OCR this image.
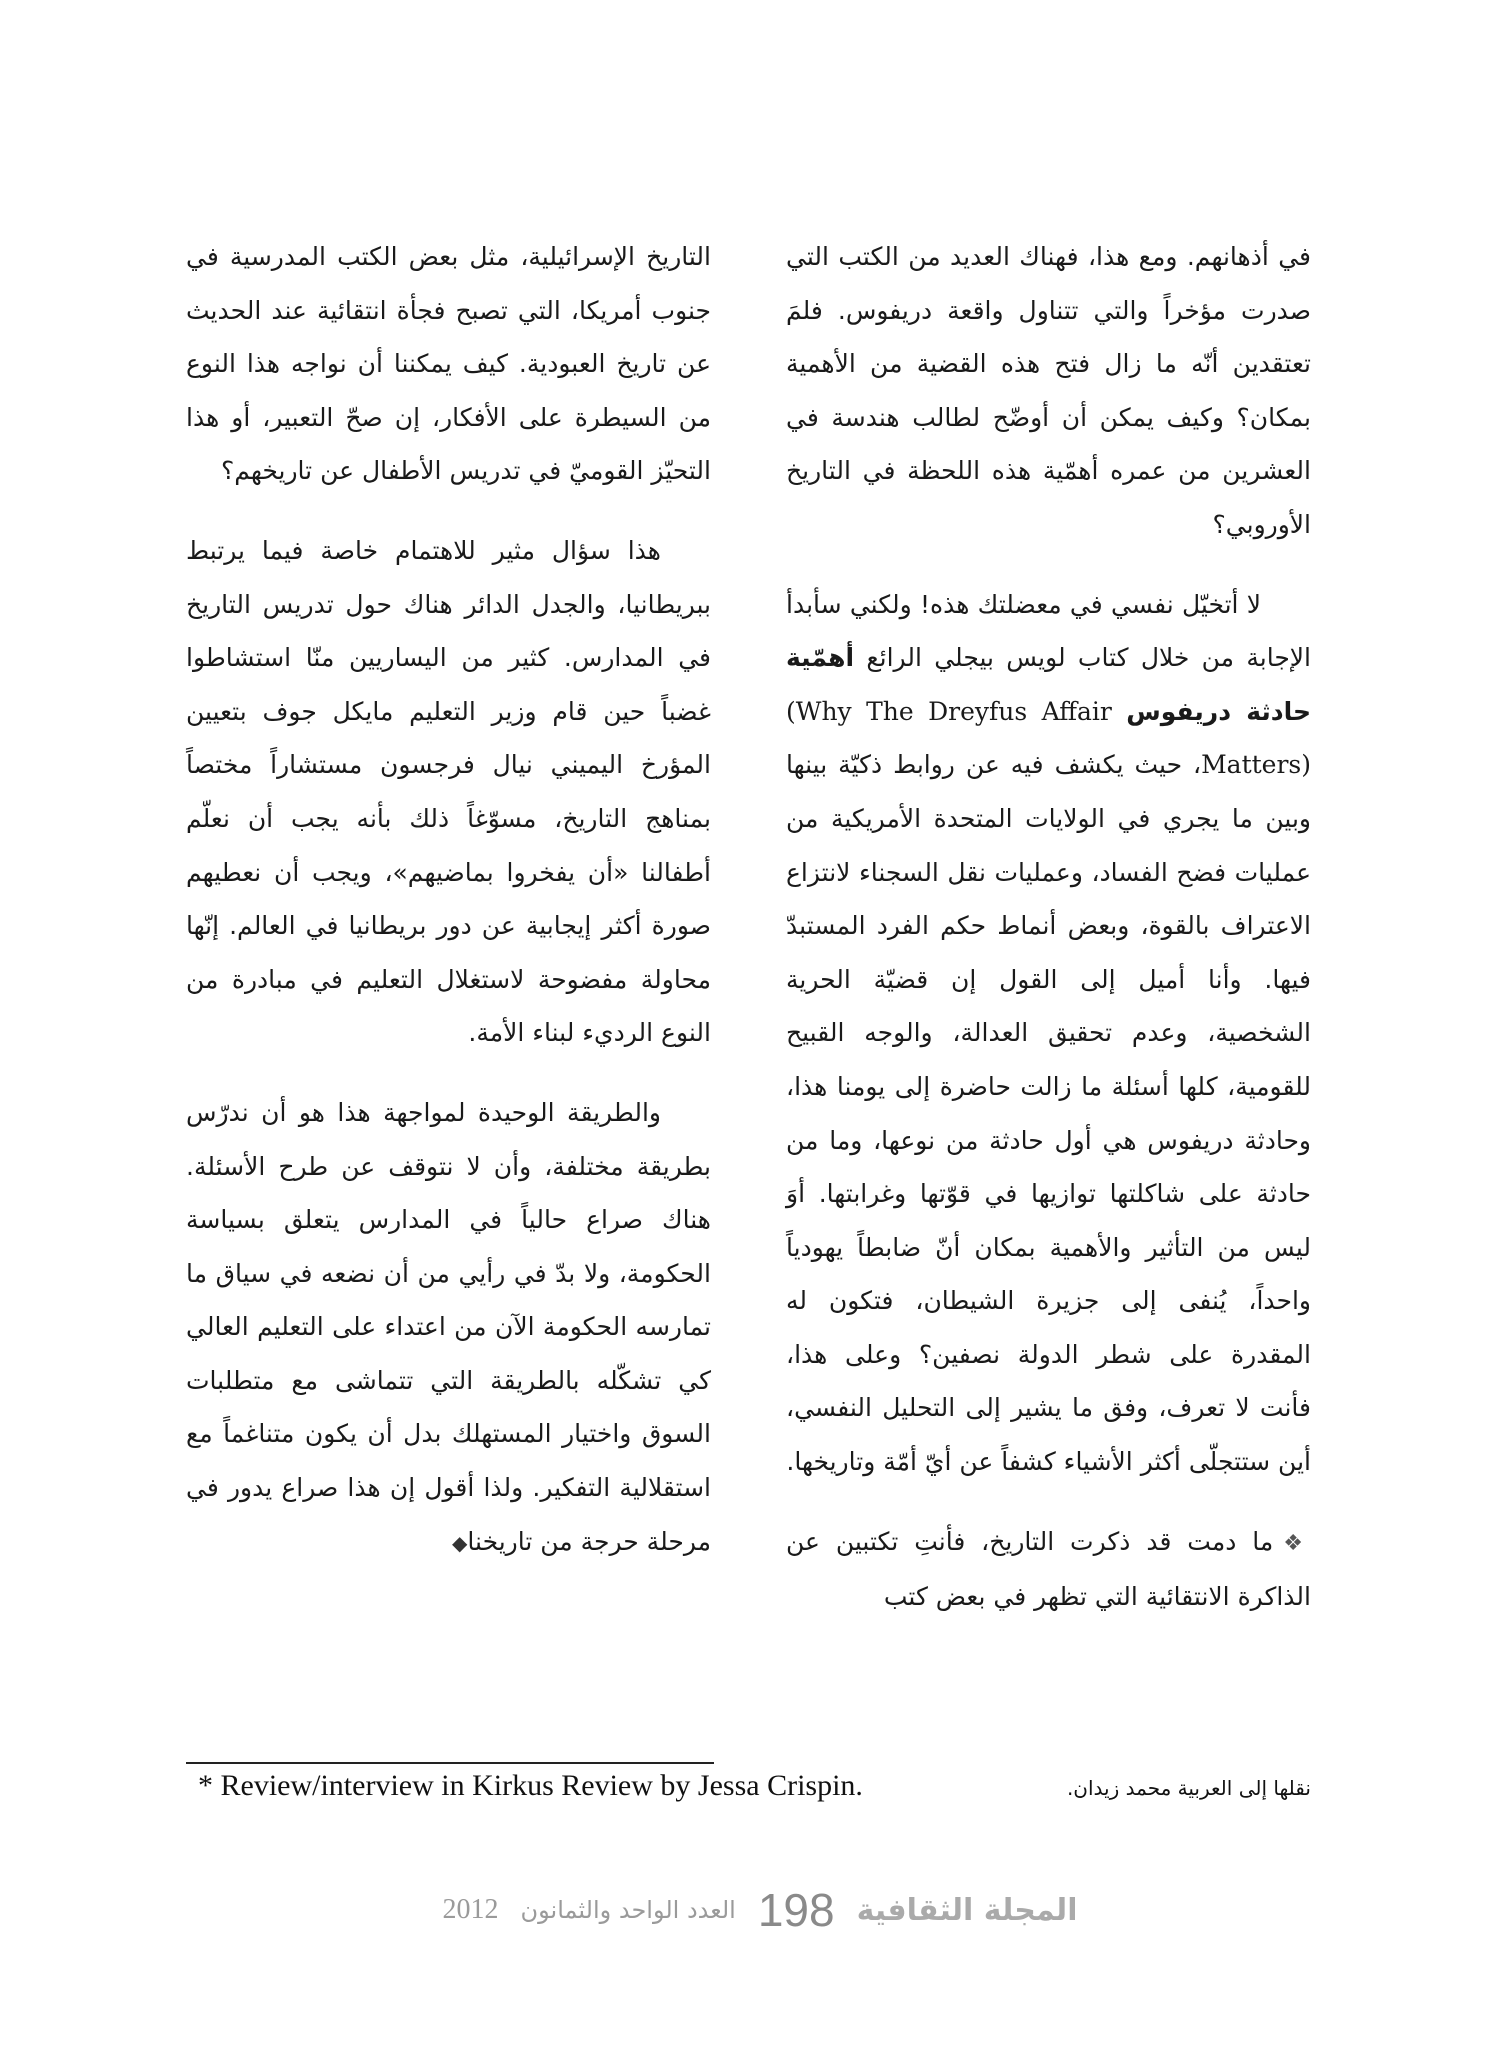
في أذهانهم. ومع هذا، فهناك العديد من الكتب التي صدرت مؤخراً والتي تتناول واقعة دريفوس. فلمَ تعتقدين أنّه ما زال فتح هذه القضية من الأهمية بمكان؟ وكيف يمكن أن أوضّح لطالب هندسة في العشرين من عمره أهمّية هذه اللحظة في التاريخ الأوروبي؟

لا أتخيّل نفسي في معضلتك هذه! ولكني سأبدأ الإجابة من خلال كتاب لويس بيجلي الرائع أهمّية حادثة دريفوس (Why The Dreyfus Affair Matters)، حيث يكشف فيه عن روابط ذكيّة بينها وبين ما يجري في الولايات المتحدة الأمريكية من عمليات فضح الفساد، وعمليات نقل السجناء لانتزاع الاعتراف بالقوة، وبعض أنماط حكم الفرد المستبدّ فيها. وأنا أميل إلى القول إن قضيّة الحرية الشخصية، وعدم تحقيق العدالة، والوجه القبيح للقومية، كلها أسئلة ما زالت حاضرة إلى يومنا هذا، وحادثة دريفوس هي أول حادثة من نوعها، وما من حادثة على شاكلتها توازيها في قوّتها وغرابتها. أوَ ليس من التأثير والأهمية بمكان أنّ ضابطاً يهودياً واحداً، يُنفى إلى جزيرة الشيطان، فتكون له المقدرة على شطر الدولة نصفين؟ وعلى هذا، فأنت لا تعرف، وفق ما يشير إلى التحليل النفسي، أين ستتجلّى أكثر الأشياء كشفاً عن أيّ أمّة وتاريخها.

❖ما دمت قد ذكرت التاريخ، فأنتِ تكتبين عن الذاكرة الانتقائية التي تظهر في بعض كتب

التاريخ الإسرائيلية، مثل بعض الكتب المدرسية في جنوب أمريكا، التي تصبح فجأة انتقائية عند الحديث عن تاريخ العبودية. كيف يمكننا أن نواجه هذا النوع من السيطرة على الأفكار، إن صحّ التعبير، أو هذا التحيّز القوميّ في تدريس الأطفال عن تاريخهم؟

هذا سؤال مثير للاهتمام خاصة فيما يرتبط ببريطانيا، والجدل الدائر هناك حول تدريس التاريخ في المدارس. كثير من اليساريين منّا استشاطوا غضباً حين قام وزير التعليم مايكل جوف بتعيين المؤرخ اليميني نيال فرجسون مستشاراً مختصاً بمناهج التاريخ، مسوّغاً ذلك بأنه يجب أن نعلّم أطفالنا «أن يفخروا بماضيهم»، ويجب أن نعطيهم صورة أكثر إيجابية عن دور بريطانيا في العالم. إنّها محاولة مفضوحة لاستغلال التعليم في مبادرة من النوع الرديء لبناء الأمة.

والطريقة الوحيدة لمواجهة هذا هو أن ندرّس بطريقة مختلفة، وأن لا نتوقف عن طرح الأسئلة. هناك صراع حالياً في المدارس يتعلق بسياسة الحكومة، ولا بدّ في رأيي من أن نضعه في سياق ما تمارسه الحكومة الآن من اعتداء على التعليم العالي كي تشكّله بالطريقة التي تتماشى مع متطلبات السوق واختيار المستهلك بدل أن يكون متناغماً مع استقلالية التفكير. ولذا أقول إن هذا صراع يدور في مرحلة حرجة من تاريخنا◆

* Review/interview in Kirkus Review by Jessa Crispin.	نقلها إلى العربية محمد زيدان.
المجلة الثقافية
198
العدد الواحد والثمانون
2012
